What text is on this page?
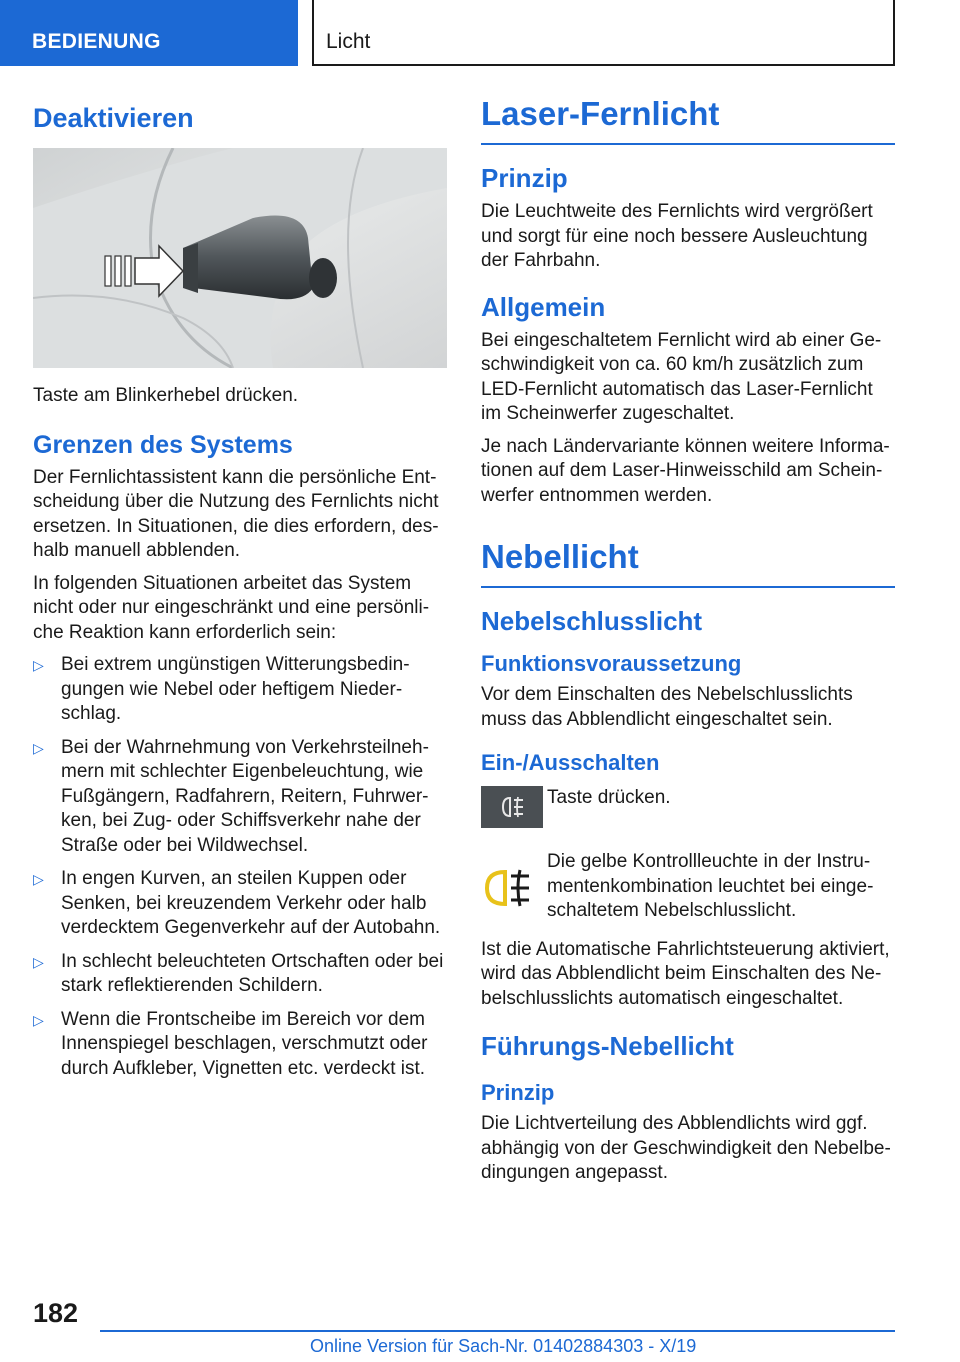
BEDIENUNG	Licht
Deaktivieren

Taste am Blinkerhebel drücken.

Grenzen des Systems

Der Fernlichtassistent kann die persönliche Entscheidung über die Nutzung des Fernlichts nicht ersetzen. In Situationen, die dies erfordern, deshalb manuell abblenden.

In folgenden Situationen arbeitet das System nicht oder nur eingeschränkt und eine persönliche Reaktion kann erforderlich sein:

▷ Bei extrem ungünstigen Witterungsbedingungen wie Nebel oder heftigem Niederschlag.
▷ Bei der Wahrnehmung von Verkehrsteilnehmern mit schlechter Eigenbeleuchtung, wie Fußgängern, Radfahrern, Reitern, Fuhrwerken, bei Zug- oder Schiffsverkehr nahe der Straße oder bei Wildwechsel.
▷ In engen Kurven, an steilen Kuppen oder Senken, bei kreuzendem Verkehr oder halb verdecktem Gegenverkehr auf der Autobahn.
▷ In schlecht beleuchteten Ortschaften oder bei stark reflektierenden Schildern.
▷ Wenn die Frontscheibe im Bereich vor dem Innenspiegel beschlagen, verschmutzt oder durch Aufkleber, Vignetten etc. verdeckt ist.
Laser-Fernlicht
Prinzip

Die Leuchtweite des Fernlichts wird vergrößert und sorgt für eine noch bessere Ausleuchtung der Fahrbahn.

Allgemein

Bei eingeschaltetem Fernlicht wird ab einer Geschwindigkeit von ca. 60 km/h zusätzlich zum LED-Fernlicht automatisch das Laser-Fernlicht im Scheinwerfer zugeschaltet.

Je nach Ländervariante können weitere Informationen auf dem Laser-Hinweisschild am Scheinwerfer entnommen werden.

Nebellicht
Nebelschlusslicht
Funktionsvoraussetzung

Vor dem Einschalten des Nebelschlusslichts muss das Abblendlicht eingeschaltet sein.

Ein-/Ausschalten

Taste drücken.

Die gelbe Kontrollleuchte in der Instrumentenkombination leuchtet bei eingeschaltetem Nebelschlusslicht.

Ist die Automatische Fahrlichtsteuerung aktiviert, wird das Abblendlicht beim Einschalten des Nebelschlusslichts automatisch eingeschaltet.

Führungs-Nebellicht
Prinzip

Die Lichtverteilung des Abblendlichts wird ggf. abhängig von der Geschwindigkeit den Nebelbedingungen angepasst.

182
Online Version für Sach-Nr. 01402884303 - X/19
